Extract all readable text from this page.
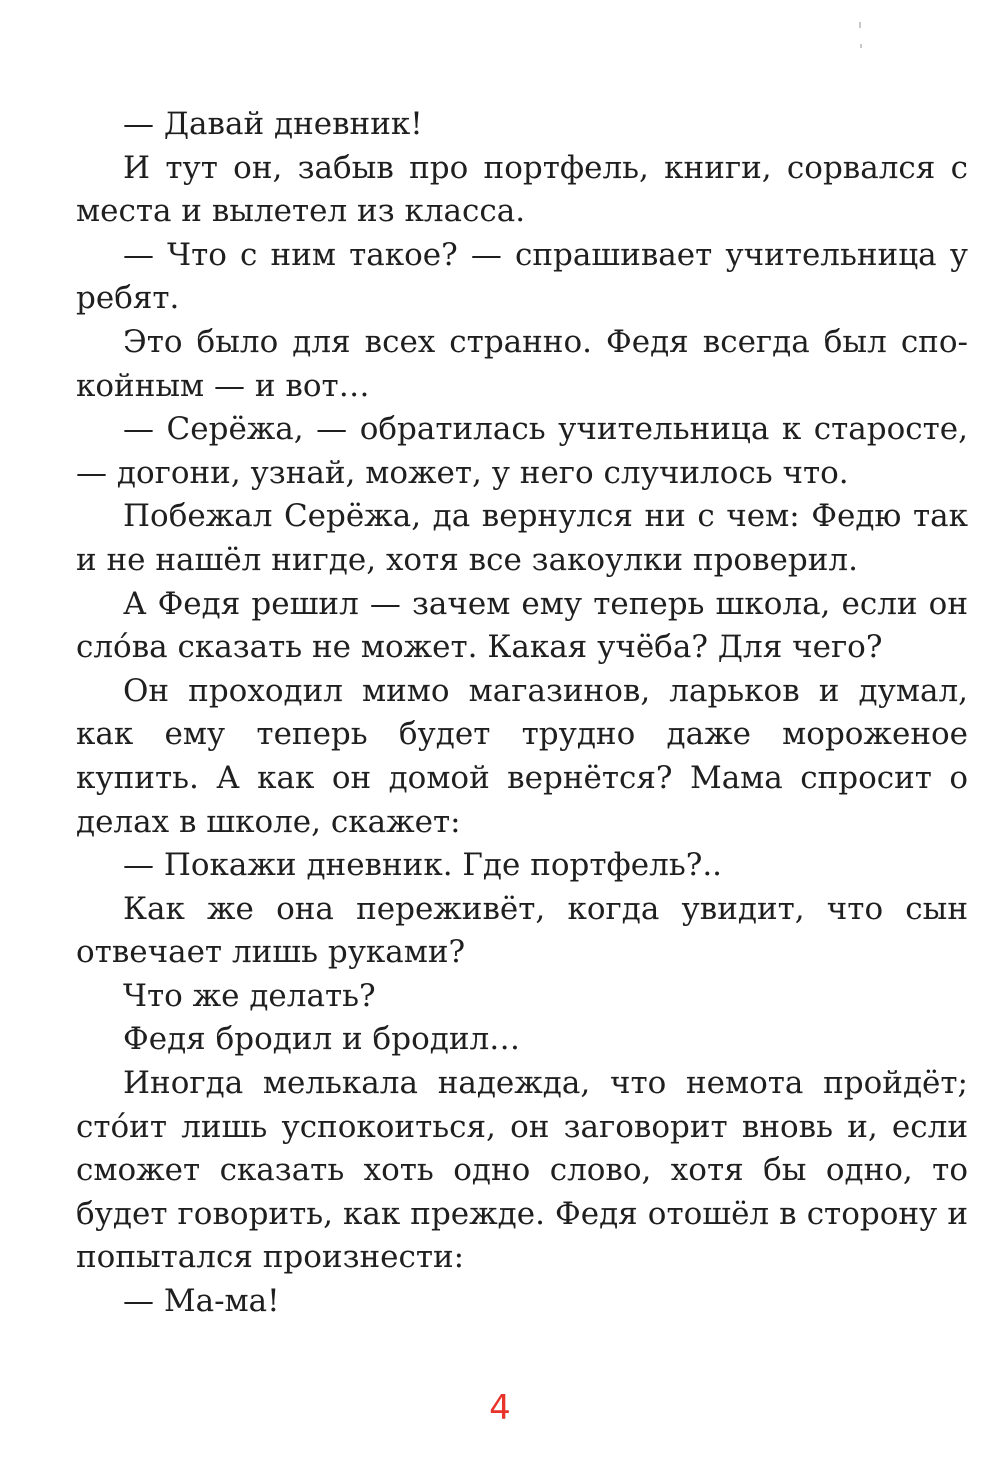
— Давай дневник!

И тут он, забыв про портфель, книги, сорвался с места и вылетел из класса.

— Что с ним такое? — спрашивает учительница у ребят.

Это было для всех странно. Федя всегда был спокойным — и вот…

— Серёжа, — обратилась учительница к старосте, — догони, узнай, может, у него случилось что.

Побежал Серёжа, да вернулся ни с чем: Федю так и не нашёл нигде, хотя все закоулки проверил.

А Федя решил — зачем ему теперь школа, если он сло́ва сказать не может. Какая учёба? Для чего?

Он проходил мимо магазинов, ларьков и думал, как ему теперь будет трудно даже мороженое купить. А как он домой вернётся? Мама спросит о делах в школе, скажет:

— Покажи дневник. Где портфель?..

Как же она переживёт, когда увидит, что сын отвечает лишь руками?

Что же делать?

Федя бродил и бродил…

Иногда мелькала надежда, что немота пройдёт; сто́ит лишь успокоиться, он заговорит вновь и, если сможет сказать хоть одно слово, хотя бы одно, то будет говорить, как прежде. Федя отошёл в сторону и попытался произнести:

— Ма-ма!

4
